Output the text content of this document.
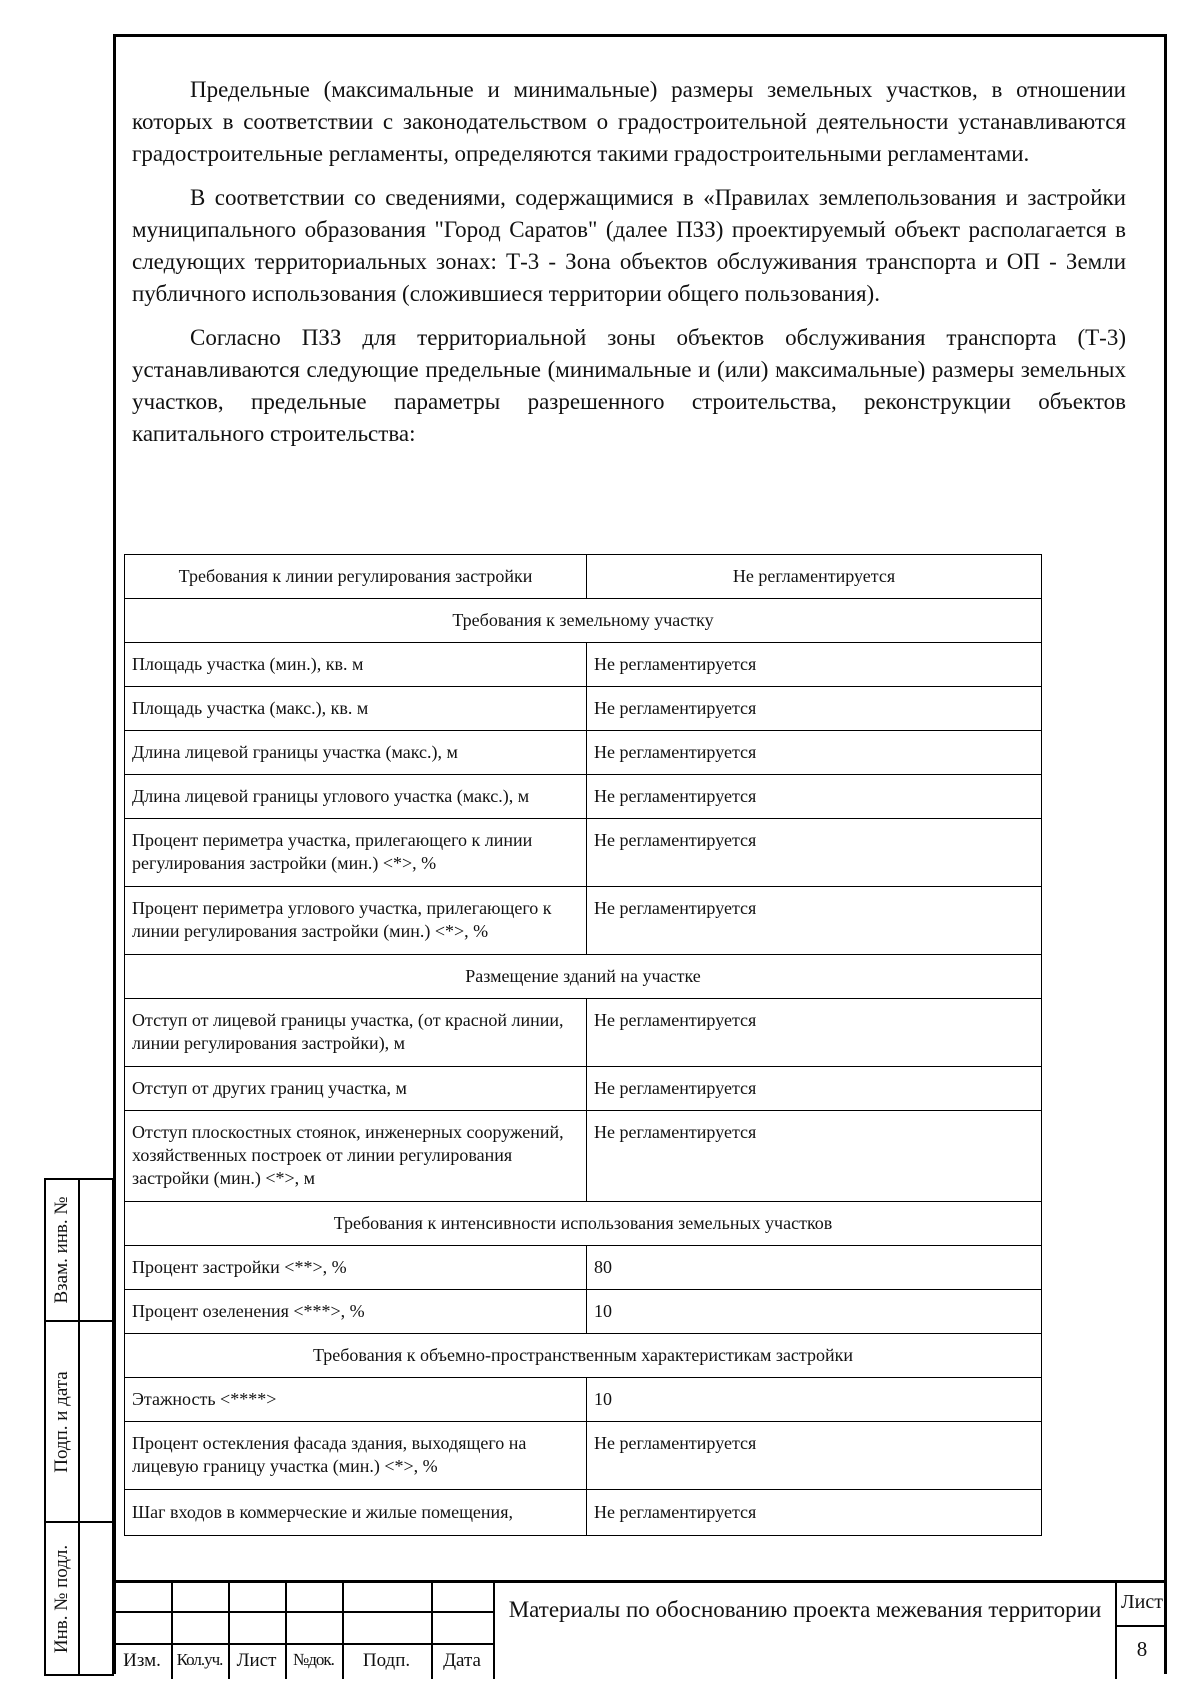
Предельные (максимальные и минимальные) размеры земельных участков, в отношении которых в соответствии с законодательством о градостроительной деятельности устанавливаются градостроительные регламенты, определяются такими градостроительными регламентами.

В соответствии со сведениями, содержащимися в «Правилах землепользования и застройки муниципального образования "Город Саратов" (далее ПЗЗ) проектируемый объект располагается в следующих территориальных зонах: Т-3 - Зона объектов обслуживания транспорта и ОП - Земли публичного использования (сложившиеся территории общего пользования).

Согласно ПЗЗ для территориальной зоны объектов обслуживания транспорта (Т-3) устанавливаются следующие предельные (минимальные и (или) максимальные) размеры земельных участков, предельные параметры разрешенного строительства, реконструкции объектов капитального строительства:

Требования к линии регулирования застройки	Не регламентируется
Требования к земельному участку	
Площадь участка (мин.), кв. м	Не регламентируется
Площадь участка (макс.), кв. м	Не регламентируется
Длина лицевой границы участка (макс.), м	Не регламентируется
Длина лицевой границы углового участка (макс.), м	Не регламентируется
Процент периметра участка, прилегающего к линии регулирования застройки (мин.) <*>, %	Не регламентируется
Процент периметра углового участка, прилегающего к линии регулирования застройки (мин.) <*>, %	Не регламентируется
Размещение зданий на участке	
Отступ от лицевой границы участка, (от красной линии, линии регулирования застройки), м	Не регламентируется
Отступ от других границ участка, м	Не регламентируется
Отступ плоскостных стоянок, инженерных сооружений, хозяйственных построек от линии регулирования застройки (мин.) <*>, м	Не регламентируется
Требования к интенсивности использования земельных участков	
Процент застройки <**>, %	80
Процент озеленения <***>, %	10
Требования к объемно-пространственным характеристикам застройки	
Этажность <****>	10
Процент остекления фасада здания, выходящего на лицевую границу участка (мин.) <*>, %	Не регламентируется
Шаг входов в коммерческие и жилые помещения,	Не регламентируется
Взам. инв. №
Подп. и дата
Инв. № подл.
Изм. Кол.уч. Лист №док.	Подп.	Дата
Материалы по обоснованию проекта межевания территории Лист
8
